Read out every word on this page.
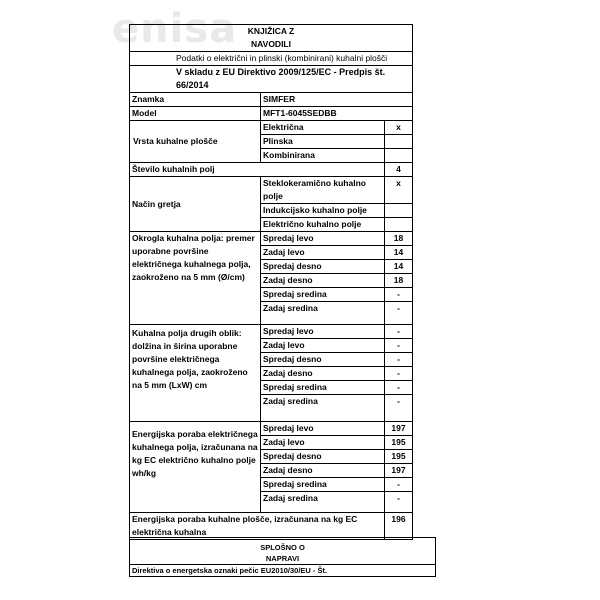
enisa KNJIŽICA Z
NAVODILI		
Podatki o električni in plinski (kombinirani) kuhalni plošči		
V skladu z EU Direktivo 2009/125/EC - Predpis št. 66/2014		
Znamka	SIMFER	
Model	MFT1-6045SEDBB	
Vrsta kuhalne plošče	Električna	x
	Plinska	
	Kombinirana	
Število kuhalnih polj		4
Način gretja	Steklokeramično kuhalno polje	x
	Indukcijsko kuhalno polje	
	Električno kuhalno polje	
Okrogla kuhalna polja: premer uporabne površine električnega kuhalnega polja, zaokroženo na 5 mm (Ø/cm)	Spredaj levo	18
	Zadaj levo	14
	Spredaj desno	14
	Zadaj desno	18
	Spredaj sredina	-
	Zadaj sredina	-
Kuhalna polja drugih oblik: dolžina in širina uporabne površine električnega kuhalnega polja, zaokroženo na 5 mm (LxW) cm	Spredaj levo	-
	Zadaj levo	-
	Spredaj desno	-
	Zadaj desno	-
	Spredaj sredina	-
	Zadaj sredina	-
Energijska poraba električnega kuhalnega polja, izračunana na kg EC električno kuhalno polje wh/kg	Spredaj levo	197
	Zadaj levo	195
	Spredaj desno	195
	Zadaj desno	197
	Spredaj sredina	-
	Zadaj sredina	-
Energijska poraba kuhalne plošče, izračunana na kg EC električna kuhalna		196
SPLOŠNO O
NAPRAVI
Direktiva o energetska oznaki pečic EU2010/30/EU - Št.
